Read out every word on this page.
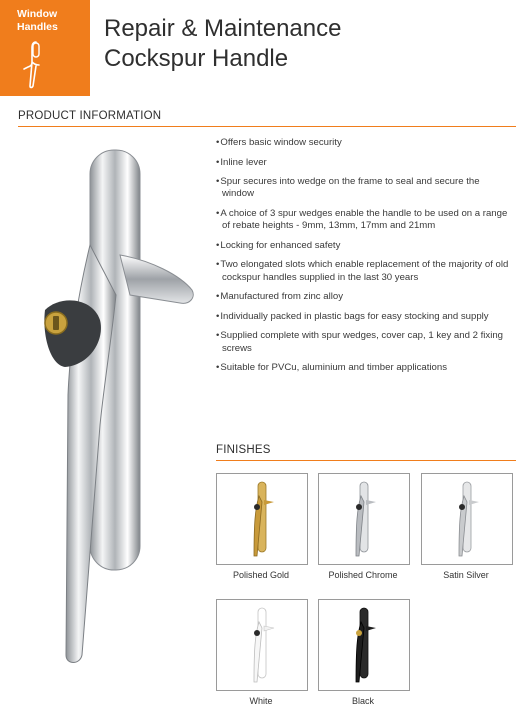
Window
Handles	Repair & Maintenance
Cockspur Handle
PRODUCT INFORMATION
• Offers basic window security
• Inline lever
• Spur secures into wedge on the frame to seal and secure the window
• A choice of 3 spur wedges enable the handle to be used on a range of rebate heights - 9mm, 13mm, 17mm and 21mm
• Locking for enhanced safety
• Two elongated slots which enable replacement of the majority of old cockspur handles supplied in the last 30 years
• Manufactured from zinc alloy
• Individually packed in plastic bags for easy stocking and supply
• Supplied complete with spur wedges, cover cap, 1 key and 2 fixing screws
• Suitable for PVCu, aluminium and timber applications
FINISHES
Polished Gold	Polished Chrome	Satin Silver
White	Black
